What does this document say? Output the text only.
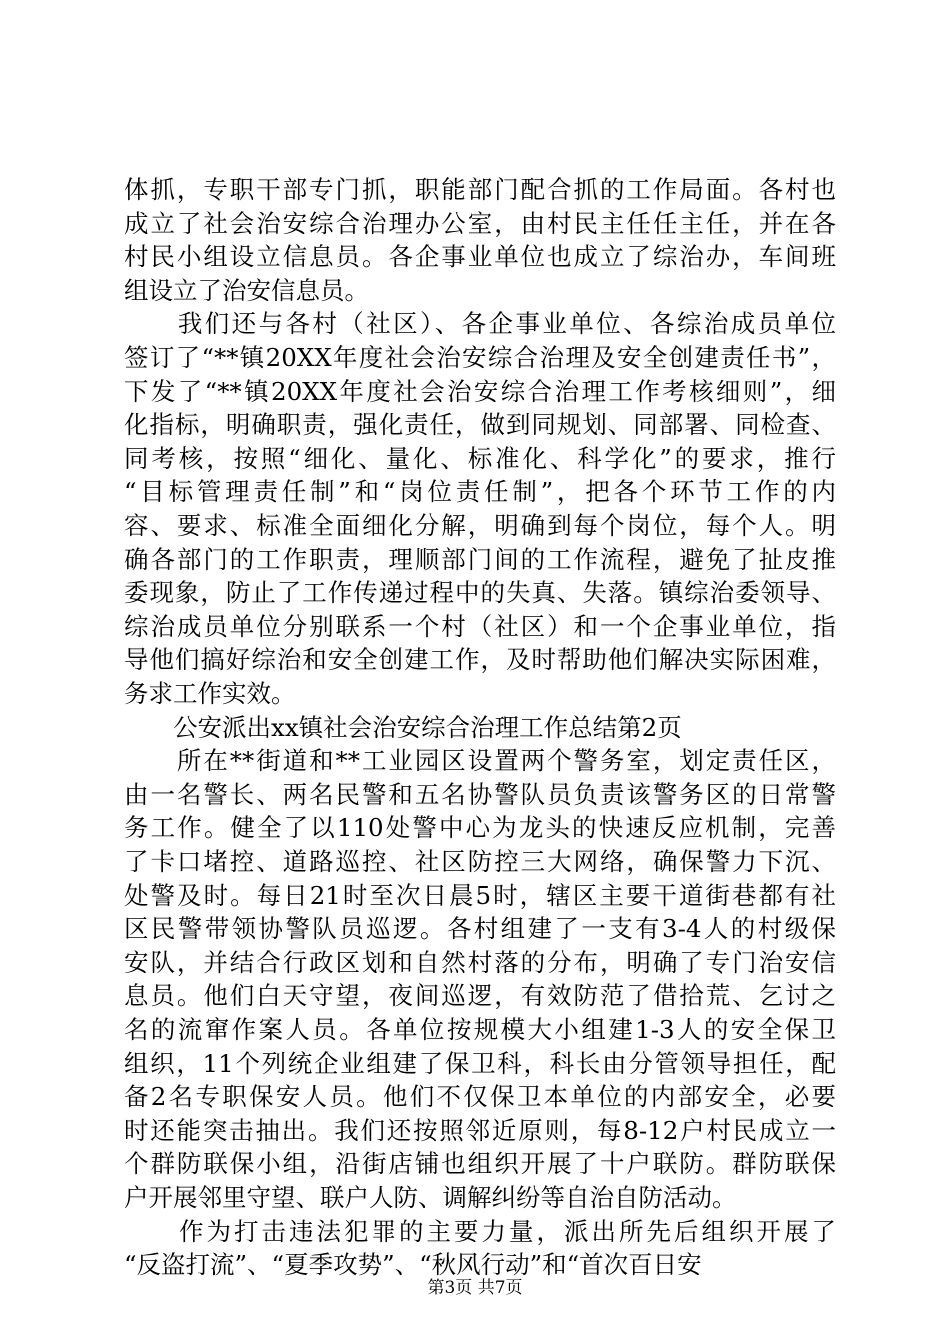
体抓，专职干部专门抓，职能部门配合抓的工作局面。各村也
成立了社会治安综合治理办公室，由村民主任任主任，并在各
村民小组设立信息员。各企事业单位也成立了综治办，车间班
组设立了治安信息员。
　　我们还与各村（社区）、各企事业单位、各综治成员单位
签订了“**镇20XX年度社会治安综合治理及安全创建责任书”，
下发了“**镇20XX年度社会治安综合治理工作考核细则”，细
化指标，明确职责，强化责任，做到同规划、同部署、同检查、
同考核，按照“细化、量化、标准化、科学化”的要求，推行
“目标管理责任制”和“岗位责任制”，把各个环节工作的内
容、要求、标准全面细化分解，明确到每个岗位，每个人。明
确各部门的工作职责，理顺部门间的工作流程，避免了扯皮推
委现象，防止了工作传递过程中的失真、失落。镇综治委领导、
综治成员单位分别联系一个村（社区）和一个企事业单位，指
导他们搞好综治和安全创建工作，及时帮助他们解决实际困难，
务求工作实效。
　　公安派出xx镇社会治安综合治理工作总结第2页
　　所在**街道和**工业园区设置两个警务室，划定责任区，
由一名警长、两名民警和五名协警队员负责该警务区的日常警
务工作。健全了以110处警中心为龙头的快速反应机制，完善
了卡口堵控、道路巡控、社区防控三大网络，确保警力下沉、
处警及时。每日21时至次日晨5时，辖区主要干道街巷都有社
区民警带领协警队员巡逻。各村组建了一支有3-4人的村级保
安队，并结合行政区划和自然村落的分布，明确了专门治安信
息员。他们白天守望，夜间巡逻，有效防范了借拾荒、乞讨之
名的流窜作案人员。各单位按规模大小组建1-3人的安全保卫
组织，11个列统企业组建了保卫科，科长由分管领导担任，配
备2名专职保安人员。他们不仅保卫本单位的内部安全，必要
时还能突击抽出。我们还按照邻近原则，每8-12户村民成立一
个群防联保小组，沿街店铺也组织开展了十户联防。群防联保
户开展邻里守望、联户人防、调解纠纷等自治自防活动。
　　作为打击违法犯罪的主要力量，派出所先后组织开展了
“反盗打流”、“夏季攻势”、“秋风行动”和“首次百日安
第3页 共7页
